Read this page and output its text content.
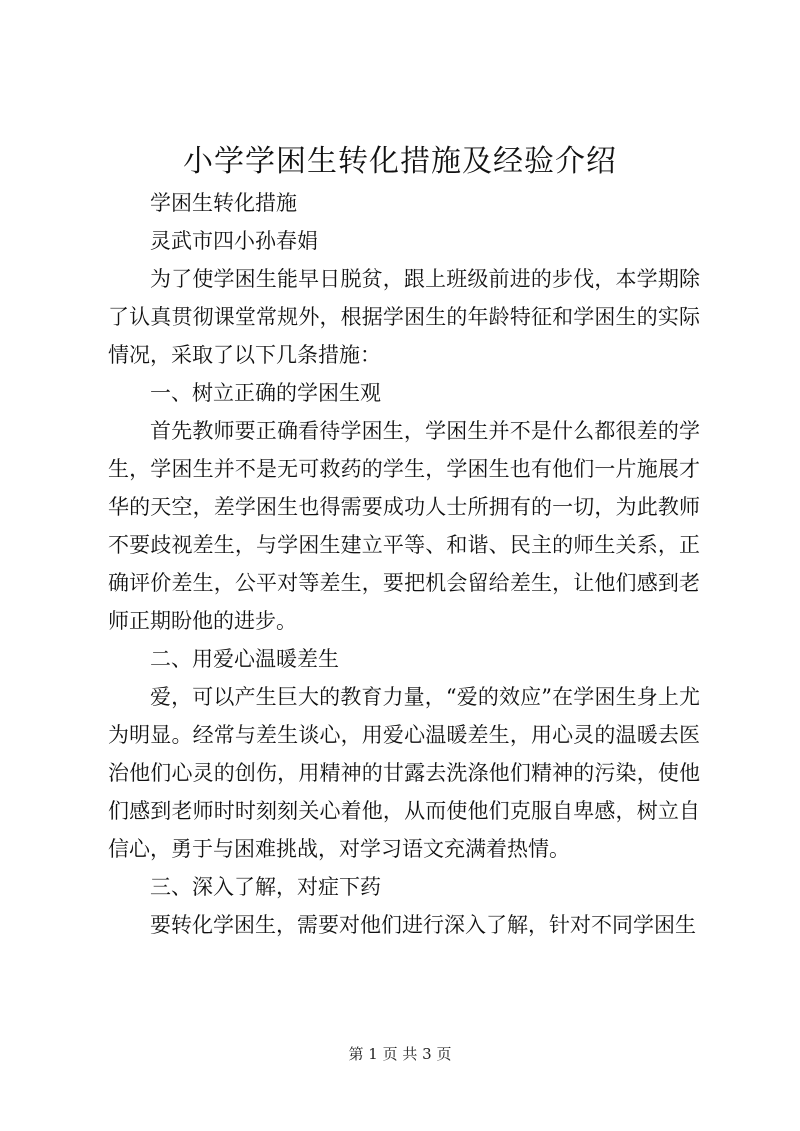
小学学困生转化措施及经验介绍

学困生转化措施

灵武市四小孙春娟

为了使学困生能早日脱贫，跟上班级前进的步伐，本学期除了认真贯彻课堂常规外，根据学困生的年龄特征和学困生的实际情况，采取了以下几条措施：

一、树立正确的学困生观

首先教师要正确看待学困生，学困生并不是什么都很差的学生，学困生并不是无可救药的学生，学困生也有他们一片施展才华的天空，差学困生也得需要成功人士所拥有的一切，为此教师不要歧视差生，与学困生建立平等、和谐、民主的师生关系，正确评价差生，公平对等差生，要把机会留给差生，让他们感到老师正期盼他的进步。

二、用爱心温暖差生

爱，可以产生巨大的教育力量，“爱的效应”在学困生身上尤为明显。经常与差生谈心，用爱心温暖差生，用心灵的温暖去医治他们心灵的创伤，用精神的甘露去洗涤他们精神的污染，使他们感到老师时时刻刻关心着他，从而使他们克服自卑感，树立自信心，勇于与困难挑战，对学习语文充满着热情。

三、深入了解，对症下药

要转化学困生，需要对他们进行深入了解，针对不同学困生

第 1 页 共 3 页
